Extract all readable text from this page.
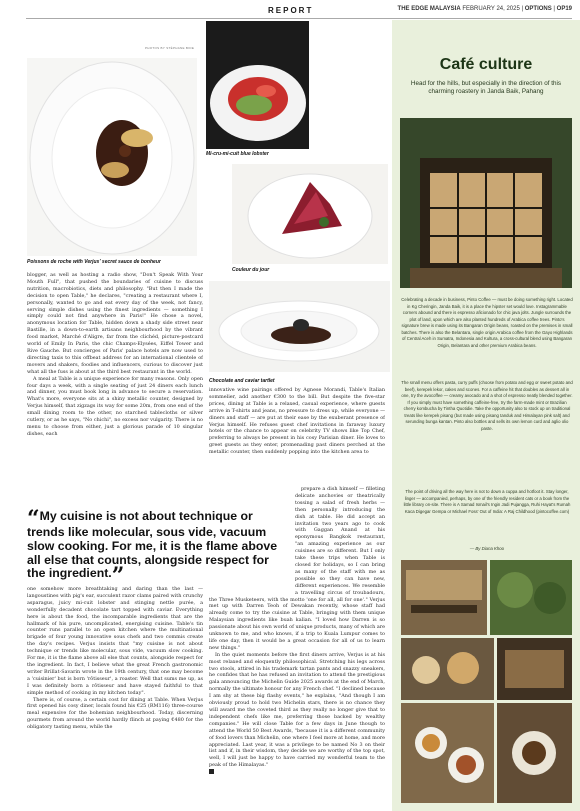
REPORT	THE EDGE MALAYSIA FEBRUARY 24, 2025 | OPTIONS | OP19
PHOTOS BY STÉPHANE BIDE
Poissons de roche with Verjus' secret sauce de bonheur
Mi-cru-mi-cuit blue lobster
Couleur du jour
Chocolate and caviar tartlet

blogger, as well as hosting a radio show, "Don't Speak With Your Mouth Full", that pushed the boundaries of cuisine to discuss nutrition, macrobiotics, diets and philosophy. "But then I made the decision to open Table," he declares, "creating a restaurant where I, personally, wanted to go and eat every day of the week, not fancy, serving simple dishes using the finest ingredients — something I simply could not find anywhere in Paris!" He chose a novel, anonymous location for Table, hidden down a shady side street near Bastille, in a down-to-earth artisans neighbourhood by the vibrant food market, Marché d'Aligre, far from the clichéd, picture-postcard world of Emily In Paris, the chic Champs-Elysées, Eiffel Tower and Rive Gauche. But concierges of Paris' palace hotels are now used to directing taxis to this offbeat address for an international clientele of movers and shakers, foodies and influencers, curious to discover just what all the fuss is about at the third best restaurant in the world.

A meal at Table is a unique experience for many reasons. Only open four days a week, with a single seating of just 24 diners each lunch and dinner, you must book long in advance to secure a reservation. What's more, everyone sits at a shiny metallic counter, designed by Verjus himself, that zigzags its way for some 20m, from one end of the small dining room to the other, no starched tablecloths or silver cutlery, or as he says, "No chichi", no excess nor vulgarity. There is no menu to choose from either, just a glorious parade of 10 singular dishes, each

“My cuisine is not about technique or trends like molecular, sous vide, vacuum slow cooking. For me, it is the flame above all else that counts, alongside respect for the ingredient.”

one somehow more breathtaking and daring than the last — langoustines with pig's ear, succulent razor clams paired with crunchy asparagus, juicy mi-cuit lobster and stinging nettle purée, a wonderfully decadent chocolate tart topped with caviar. Everything here is about the food, the incomparable ingredients that are the hallmark of his pure, uncomplicated, energising cuisine. Table's tin counter runs parallel to an open kitchen where the multinational brigade of four young innovative sous chefs and two commis create the day's recipes. Verjus insists that "my cuisine is not about technique or trends like molecular, sous vide, vacuum slow cooking. For me, it is the flame above all else that counts, alongside respect for the ingredient. In fact, I believe what the great French gastronomic writer Brillat-Savarin wrote in the 19th century, that one may become a 'cuisinier' but is born 'rôtisseur', a roaster. Well that sums me up, as I was definitely born a rôtisseur and have stayed faithful to that simple method of cooking in my kitchen today".

There is, of course, a certain cost for dining at Table. When Verjus first opened his cosy diner, locals found his €25 (RM116) three-course meal expensive for the bohemian neighbourhood. Today, discerning gourmets from around the world hardly flinch at paying €480 for the obligatory tasting menu, while the

innovative wine pairings offered by Agnese Morandi, Table's Italian sommelier, add another €300 to the bill. But despite the five-star prices, dining at Table is a relaxed, casual experience, where guests arrive in T-shirts and jeans, no pressure to dress up, while everyone — diners and staff — are put at their ease by the exuberant presence of Verjus himself. He refuses guest chef invitations in faraway luxury hotels or the chance to appear on celebrity TV shows like Top Chef, preferring to always be present in his cosy Parisian diner. He loves to greet guests as they enter, promenading past diners perched at the metallic counter, then suddenly popping into the kitchen area to

prepare a dish himself — filleting delicate anchovies or theatrically tossing a salad of fresh herbs — then personally introducing the dish at table. He did accept an invitation two years ago to cook with Gaggan Anand at his eponymous Bangkok restaurant, "an amazing experience as our cuisines are so different. But I only take these trips when Table is closed for holidays, so I can bring as many of the staff with me as possible so they can have new, different experiences. We resemble a travelling circus of troubadours, the Three Musketeers, with the motto 'one for all, all for one'." Verjus met up with Darren Teoh of Dewakan recently, whose staff had already come to try the cuisine at Table, bringing with them unique Malaysian ingredients like buah kalian. "I loved how Darren is so passionate about his own world of unique products, many of which are unknown to me, and who knows, if a trip to Kuala Lumpur comes to life one day, then it would be a great occasion for all of us to learn new things."

In the quiet moments before the first diners arrive, Verjus is at his most relaxed and eloquently philosophical. Stretching his legs across two stools, attired in his trademark tartan pants and snazzy sneakers, he confides that he has refused an invitation to attend the prestigious gala announcing the Michelin Guide 2025 awards at the end of March, normally the ultimate honour for any French chef. "I declined because I am shy at these big flashy events," he explains, "And though I am obviously proud to hold two Michelin stars, there is no chance they will award me the coveted third as they really no longer give that to independent chefs like me, preferring those backed by wealthy companies." He will close Table for a few days in June though to attend the World 50 Best Awards, "because it is a different community of food lovers than Michelin, one where I feel more at home, and more appreciated. Last year, it was a privilege to be named No 3 on their list and if, in their wisdom, they decide we are worthy of the top spot, well, I will just be happy to have carried my wonderful team to the peak of the Himalayas."

Café culture
Head for the hills, but especially in the direction of this charming roastery in Janda Baik, Pahang
Celebrating a decade in business, Pinto Coffee — must be doing something right. Located in Kg Cheringin, Janda Baik, it is a place the hipster set would love. Instagrammable corners abound and there is espresso aficionado for chic java jolts. Jungle surrounds the plot of land, upon which are also planted hundreds of Arabica coffee trees. Pinto's signature brew is made using its Bangaran Origin beans, roasted on the premises in small batches. There is also the Belantara, single origin Arabica coffee from the Gayo Highlands of Central Aceh in Sumatra, Indonesia and Kultura, a cross-cultural blend using Bangaran Origin, Belantara and other premium Arabica beans.
The small menu offers pasta, curry puffs (choose from potato and egg or sweet potato and beef), kerepek lekor, cakes and scones. For a caffeine hit that doubles as dessert all in one, try the avocoffee — creamy avocado and a shot of espresso neatly blended together. If you simply must have something caffeine-free, try the farm-made mint or Brazilian cherry kombucha by Tintha Quotidie. Take the opportunity also to stock up on traditional treats like kerepek pisang (but made using pisang tanduk and Himalayan pink salt) and serunding bunga kantan. Pinto also bottles and sells its own lemon curd and aglio olio paste.
The point of driving all the way here is not to down a cuppa and hotfoot it. Stay longer, linger — accompanied, perhaps, by one of the friendly resident cats or a book from the little library on-site. There is A Samad Ismail's Ingin Jadi Pujangga, Ruhi Hayat's Rumah Kaca Digegar Gempa or Michael Foss' Out of India: A Raj Childhood (pintocoffee.com)
— By Diana Khoo
